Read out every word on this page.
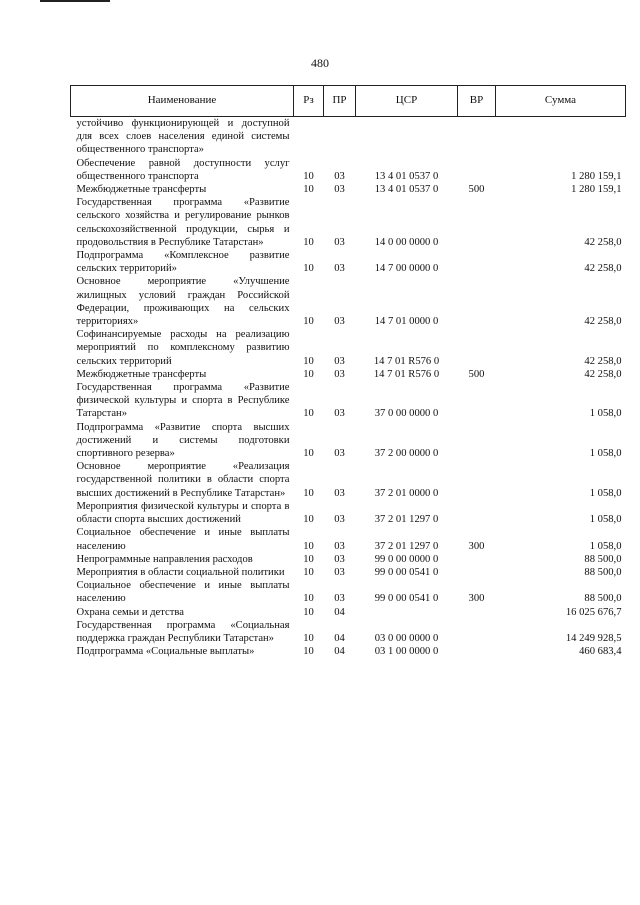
480
Наименование	Рз	ПР	ЦСР	ВР	Сумма
устойчиво функционирующей и доступной для всех слоев населения единой системы общественного транспорта»					
Обеспечение равной доступности услуг общественного транспорта	10	03	13 4 01 0537 0		1 280 159,1
Межбюджетные трансферты	10	03	13 4 01 0537 0	500	1 280 159,1
Государственная программа «Развитие сельского хозяйства и регулирование рынков сельскохозяйственной продукции, сырья и продовольствия в Республике Татарстан»	10	03	14 0 00 0000 0		42 258,0
Подпрограмма «Комплексное развитие сельских территорий»	10	03	14 7 00 0000 0		42 258,0
Основное мероприятие «Улучшение жилищных условий граждан Российской Федерации, проживающих на сельских территориях»	10	03	14 7 01 0000 0		42 258,0
Софинансируемые расходы на реализацию мероприятий по комплексному развитию сельских территорий	10	03	14 7 01 R576 0		42 258,0
Межбюджетные трансферты	10	03	14 7 01 R576 0	500	42 258,0
Государственная программа «Развитие физической культуры и спорта в Республике Татарстан»	10	03	37 0 00 0000 0		1 058,0
Подпрограмма «Развитие спорта высших достижений и системы подготовки спортивного резерва»	10	03	37 2 00 0000 0		1 058,0
Основное мероприятие «Реализация государственной политики в области спорта высших достижений в Республике Татарстан»	10	03	37 2 01 0000 0		1 058,0
Мероприятия физической культуры и спорта в области спорта высших достижений	10	03	37 2 01 1297 0		1 058,0
Социальное обеспечение и иные выплаты населению	10	03	37 2 01 1297 0	300	1 058,0
Непрограммные направления расходов	10	03	99 0 00 0000 0		88 500,0
Мероприятия в области социальной политики	10	03	99 0 00 0541 0		88 500,0
Социальное обеспечение и иные выплаты населению	10	03	99 0 00 0541 0	300	88 500,0
Охрана семьи и детства	10	04			16 025 676,7
Государственная программа «Социальная поддержка граждан Республики Татарстан»	10	04	03 0 00 0000 0		14 249 928,5
Подпрограмма «Социальные выплаты»	10	04	03 1 00 0000 0		460 683,4
